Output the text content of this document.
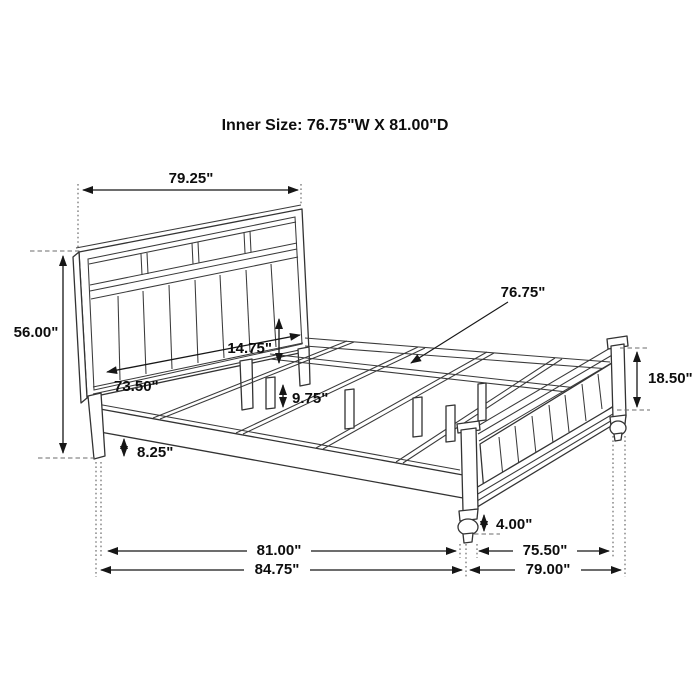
Inner Size: 76.75"W X 81.00"D
79.25"
56.00"
73.50"
14.75"
9.75"
8.25"
76.75"
18.50"
4.00"
81.00"	75.50"
84.75"	79.00"
